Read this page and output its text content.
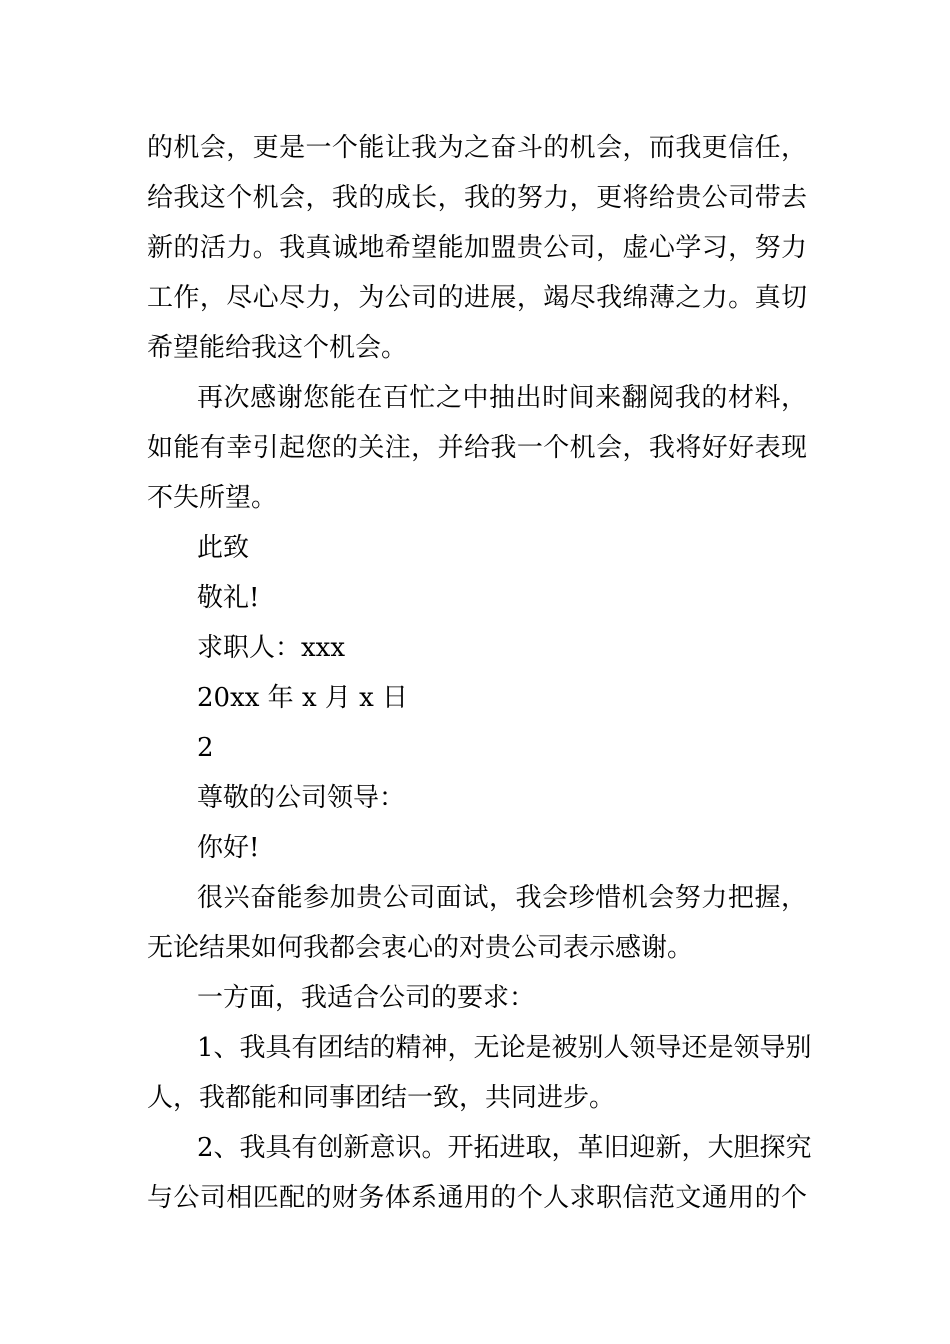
的机会，更是一个能让我为之奋斗的机会，而我更信任，
给我这个机会，我的成长，我的努力，更将给贵公司带去
新的活力。我真诚地希望能加盟贵公司，虚心学习，努力
工作，尽心尽力，为公司的进展，竭尽我绵薄之力。真切
希望能给我这个机会。
再次感谢您能在百忙之中抽出时间来翻阅我的材料，
如能有幸引起您的关注，并给我一个机会，我将好好表现
不失所望。
此致
敬礼!
求职人：xxx
20xx 年 x 月 x 日
2
尊敬的公司领导：
你好!
很兴奋能参加贵公司面试，我会珍惜机会努力把握，
无论结果如何我都会衷心的对贵公司表示感谢。
一方面，我适合公司的要求：
1、我具有团结的精神，无论是被别人领导还是领导别
人，我都能和同事团结一致，共同进步。
2、我具有创新意识。开拓进取，革旧迎新，大胆探究
与公司相匹配的财务体系通用的个人求职信范文通用的个
